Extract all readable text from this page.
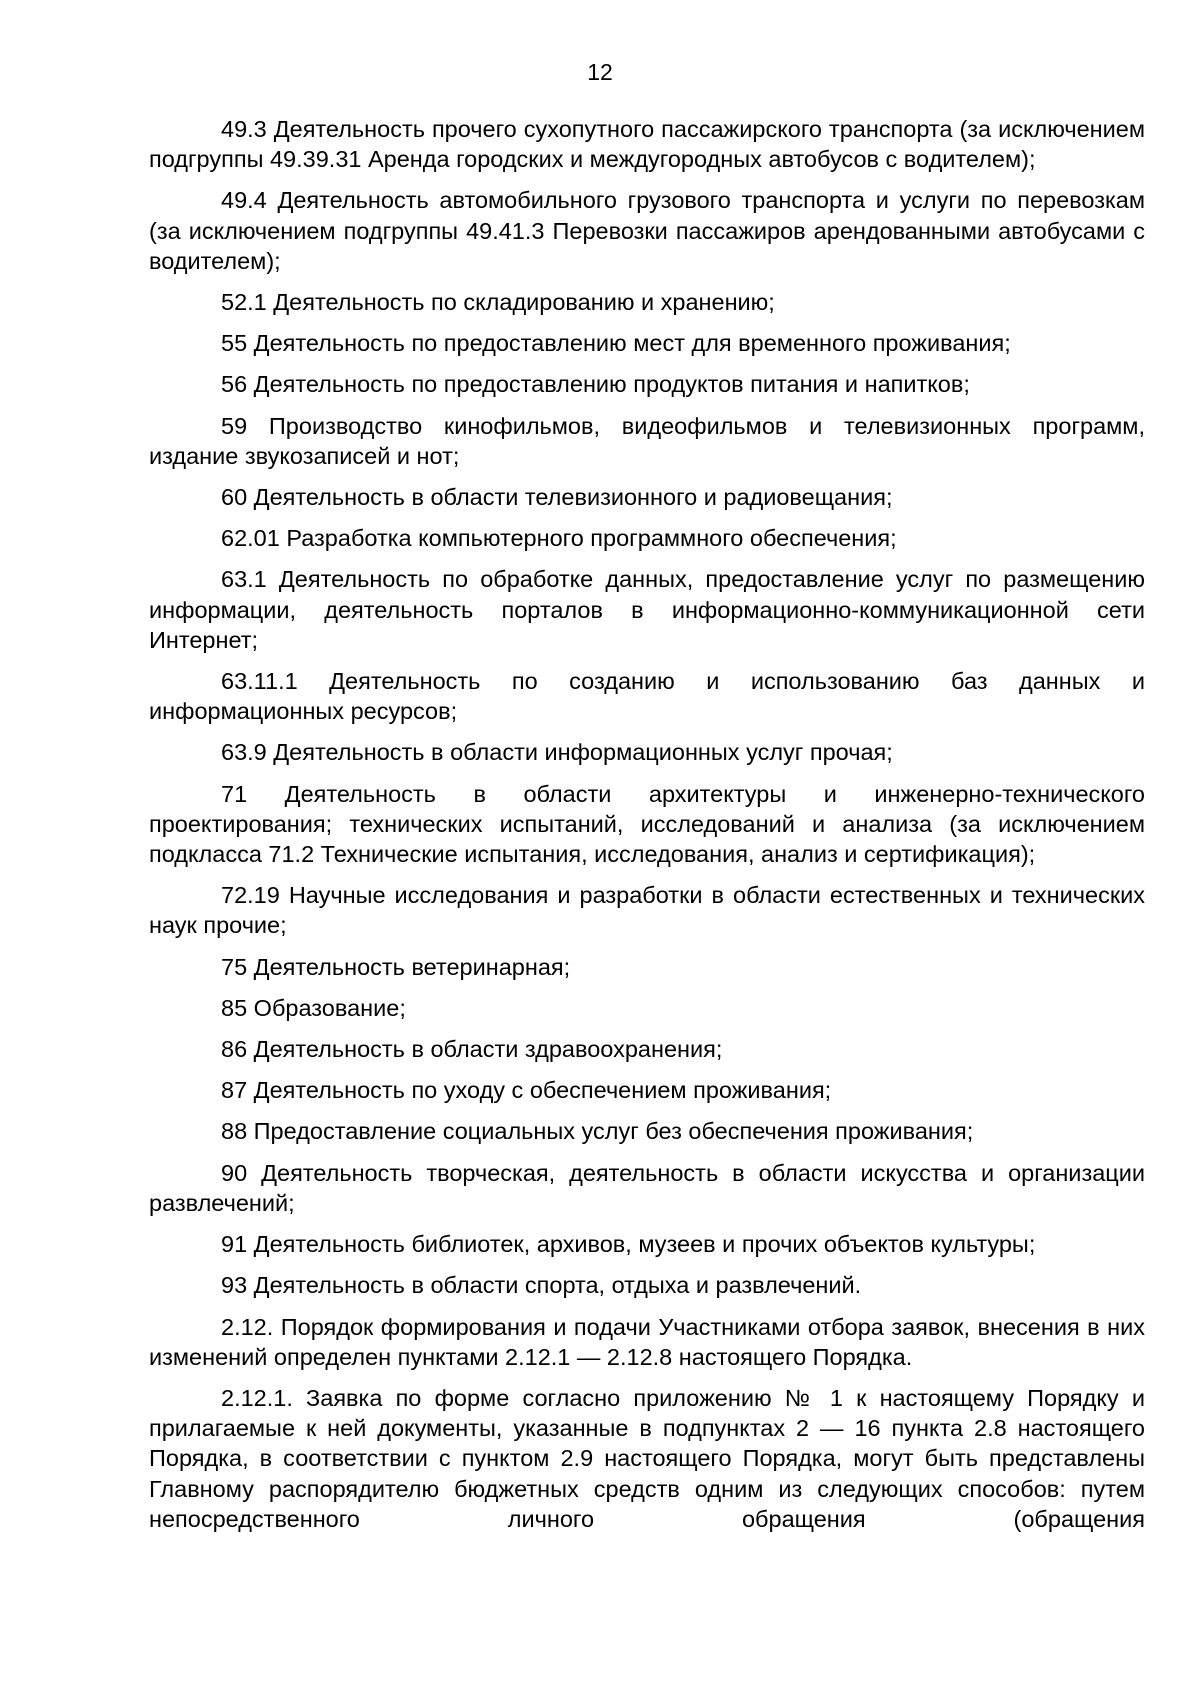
12

49.3 Деятельность прочего сухопутного пассажирского транспорта (за исключением подгруппы 49.39.31 Аренда городских и междугородных автобусов с водителем);

49.4 Деятельность автомобильного грузового транспорта и услуги по перевозкам (за исключением подгруппы 49.41.3 Перевозки пассажиров арендованными автобусами с водителем);

52.1 Деятельность по складированию и хранению;

55 Деятельность по предоставлению мест для временного проживания;

56 Деятельность по предоставлению продуктов питания и напитков;

59 Производство кинофильмов, видеофильмов и телевизионных программ, издание звукозаписей и нот;

60 Деятельность в области телевизионного и радиовещания;

62.01 Разработка компьютерного программного обеспечения;

63.1 Деятельность по обработке данных, предоставление услуг по размещению информации, деятельность порталов в информационно-коммуникационной сети Интернет;

63.11.1 Деятельность по созданию и использованию баз данных и информационных ресурсов;

63.9 Деятельность в области информационных услуг прочая;

71 Деятельность в области архитектуры и инженерно-технического проектирования; технических испытаний, исследований и анализа (за исключением подкласса 71.2 Технические испытания, исследования, анализ и сертификация);

72.19 Научные исследования и разработки в области естественных и технических наук прочие;

75 Деятельность ветеринарная;

85 Образование;

86 Деятельность в области здравоохранения;

87 Деятельность по уходу с обеспечением проживания;

88 Предоставление социальных услуг без обеспечения проживания;

90 Деятельность творческая, деятельность в области искусства и организации развлечений;

91 Деятельность библиотек, архивов, музеев и прочих объектов культуры;

93 Деятельность в области спорта, отдыха и развлечений.

2.12. Порядок формирования и подачи Участниками отбора заявок, внесения в них изменений определен пунктами 2.12.1 — 2.12.8 настоящего Порядка.

2.12.1. Заявка по форме согласно приложению № 1 к настоящему Порядку и прилагаемые к ней документы, указанные в подпунктах 2 — 16 пункта 2.8 настоящего Порядка, в соответствии с пунктом 2.9 настоящего Порядка, могут быть представлены Главному распорядителю бюджетных средств одним из следующих способов: путем непосредственного личного обращения (обращения
